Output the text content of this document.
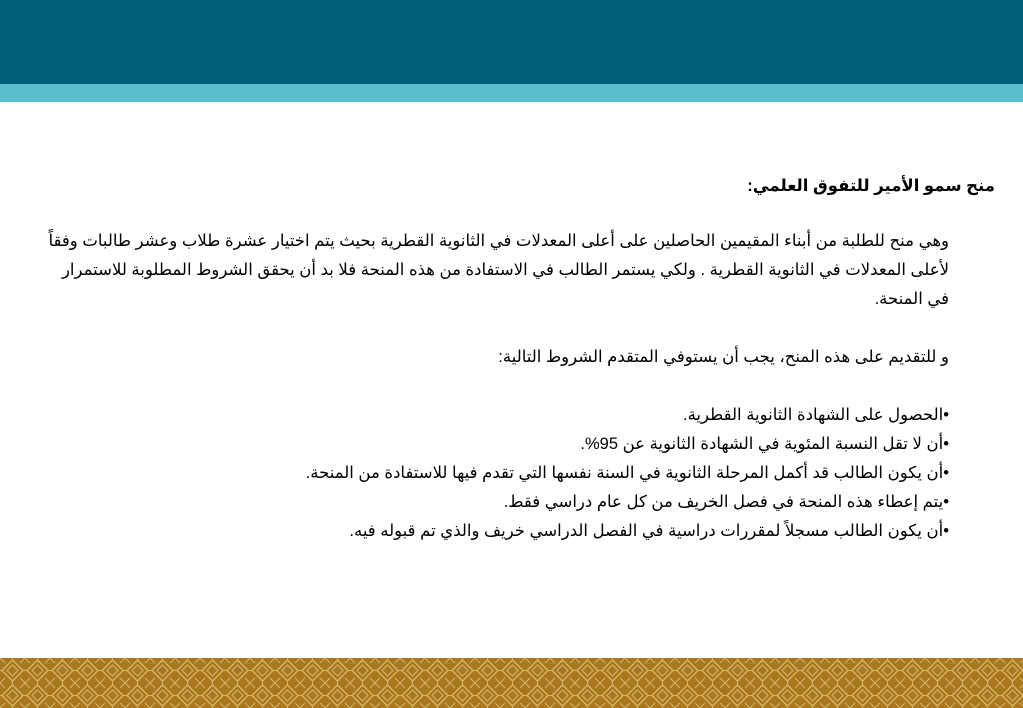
منح سمو الأمير للتفوق العلمي:

وهي منح للطلبة من أبناء المقيمين الحاصلين على أعلى المعدلات في الثانوية القطرية بحيث يتم اختيار عشرة طلاب وعشر طالبات وفقاً لأعلى المعدلات في الثانوية القطرية . ولكي يستمر الطالب في الاستفادة من هذه المنحة فلا بد أن يحقق الشروط المطلوبة للاستمرار في المنحة.

و للتقديم على هذه المنح، يجب أن يستوفي المتقدم الشروط التالية:

•الحصول على الشهادة الثانوية القطرية.
•أن لا تقل النسبة المئوية في الشهادة الثانوية عن 95%.
•أن يكون الطالب قد أكمل المرحلة الثانوية في السنة نفسها التي تقدم فيها للاستفادة من المنحة.
•يتم إعطاء هذه المنحة في فصل الخريف من كل عام دراسي فقط.
•أن يكون الطالب مسجلاً لمقررات دراسية في الفصل الدراسي خريف والذي تم قبوله فيه.
